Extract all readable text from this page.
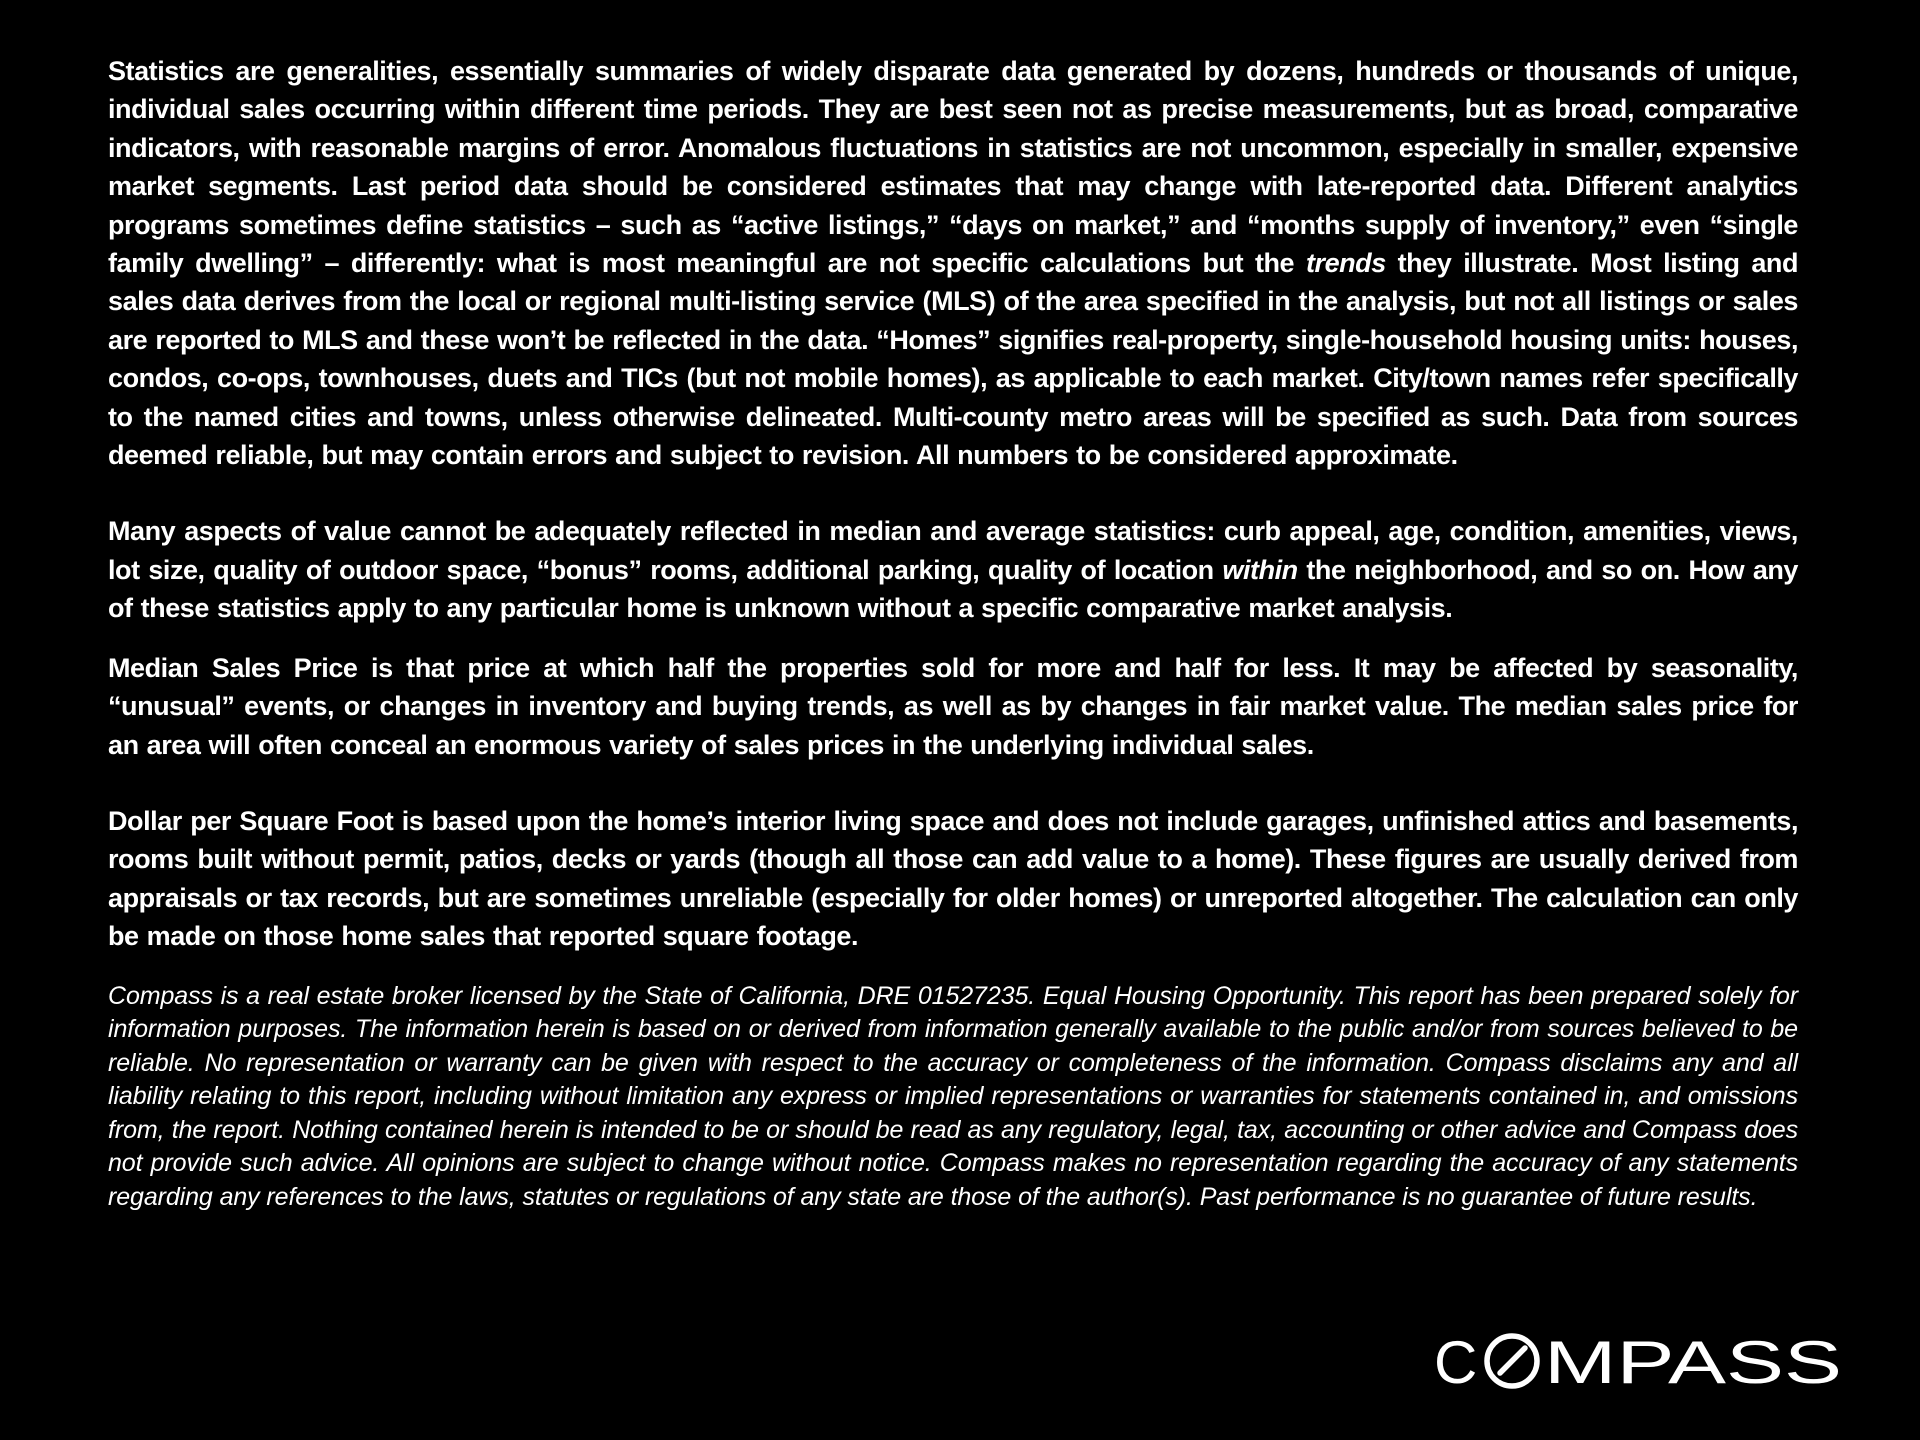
Statistics are generalities, essentially summaries of widely disparate data generated by dozens, hundreds or thousands of unique, individual sales occurring within different time periods. They are best seen not as precise measurements, but as broad, comparative indicators, with reasonable margins of error. Anomalous fluctuations in statistics are not uncommon, especially in smaller, expensive market segments. Last period data should be considered estimates that may change with late-reported data. Different analytics programs sometimes define statistics – such as “active listings,” “days on market,” and “months supply of inventory,” even “single family dwelling” – differently: what is most meaningful are not specific calculations but the trends they illustrate. Most listing and sales data derives from the local or regional multi-listing service (MLS) of the area specified in the analysis, but not all listings or sales are reported to MLS and these won’t be reflected in the data. “Homes” signifies real-property, single-household housing units: houses, condos, co-ops, townhouses, duets and TICs (but not mobile homes), as applicable to each market. City/town names refer specifically to the named cities and towns, unless otherwise delineated. Multi-county metro areas will be specified as such. Data from sources deemed reliable, but may contain errors and subject to revision. All numbers to be considered approximate.

Many aspects of value cannot be adequately reflected in median and average statistics: curb appeal, age, condition, amenities, views, lot size, quality of outdoor space, “bonus” rooms, additional parking, quality of location within the neighborhood, and so on. How any of these statistics apply to any particular home is unknown without a specific comparative market analysis.

Median Sales Price is that price at which half the properties sold for more and half for less. It may be affected by seasonality, “unusual” events, or changes in inventory and buying trends, as well as by changes in fair market value. The median sales price for an area will often conceal an enormous variety of sales prices in the underlying individual sales.

Dollar per Square Foot is based upon the home’s interior living space and does not include garages, unfinished attics and basements, rooms built without permit, patios, decks or yards (though all those can add value to a home). These figures are usually derived from appraisals or tax records, but are sometimes unreliable (especially for older homes) or unreported altogether. The calculation can only be made on those home sales that reported square footage.

Compass is a real estate broker licensed by the State of California, DRE 01527235. Equal Housing Opportunity. This report has been prepared solely for information purposes. The information herein is based on or derived from information generally available to the public and/or from sources believed to be reliable. No representation or warranty can be given with respect to the accuracy or completeness of the information. Compass disclaims any and all liability relating to this report, including without limitation any express or implied representations or warranties for statements contained in, and omissions from, the report. Nothing contained herein is intended to be or should be read as any regulatory, legal, tax, accounting or other advice and Compass does not provide such advice. All opinions are subject to change without notice. Compass makes no representation regarding the accuracy of any statements regarding any references to the laws, statutes or regulations of any state are those of the author(s). Past performance is no guarantee of future results.

C MPASS
